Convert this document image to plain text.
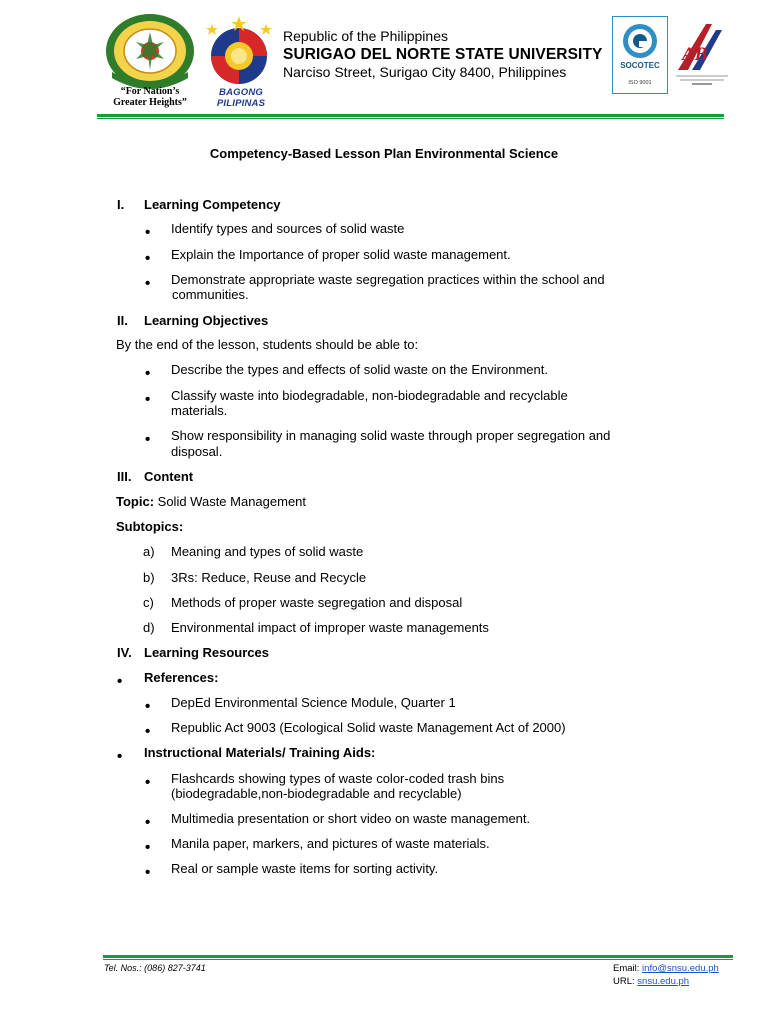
“For Nation’s
Greater Heights”
BAGONG PILIPINAS
Republic of the Philippines
SURIGAO DEL NORTE STATE UNIVERSITY
Narciso Street, Surigao City 8400, Philippines	SOCOTEC
ISO 9001
AB
Competency-Based Lesson Plan Environmental Science
I. Learning Competency
• Identify types and sources of solid waste
• Explain the Importance of proper solid waste management.
• Demonstrate appropriate waste segregation practices within the school and
communities.
II. Learning Objectives
By the end of the lesson, students should be able to:
• Describe the types and effects of solid waste on the Environment.
• Classify waste into biodegradable, non-biodegradable and recyclable
materials.
• Show responsibility in managing solid waste through proper segregation and
disposal.
III. Content
Topic: Solid Waste Management
Subtopics:
a) Meaning and types of solid waste
b) 3Rs: Reduce, Reuse and Recycle
c) Methods of proper waste segregation and disposal
d) Environmental impact of improper waste managements
IV. Learning Resources
• References:
• DepEd Environmental Science Module, Quarter 1
• Republic Act 9003 (Ecological Solid waste Management Act of 2000)
• Instructional Materials/ Training Aids:
• Flashcards showing types of waste color-coded trash bins
(biodegradable,non-biodegradable and recyclable)
• Multimedia presentation or short video on waste management.
• Manila paper, markers, and pictures of waste materials.
• Real or sample waste items for sorting activity.
Tel. Nos.: (086) 827-3741	Email: info@snsu.edu.ph
URL: snsu.edu.ph
